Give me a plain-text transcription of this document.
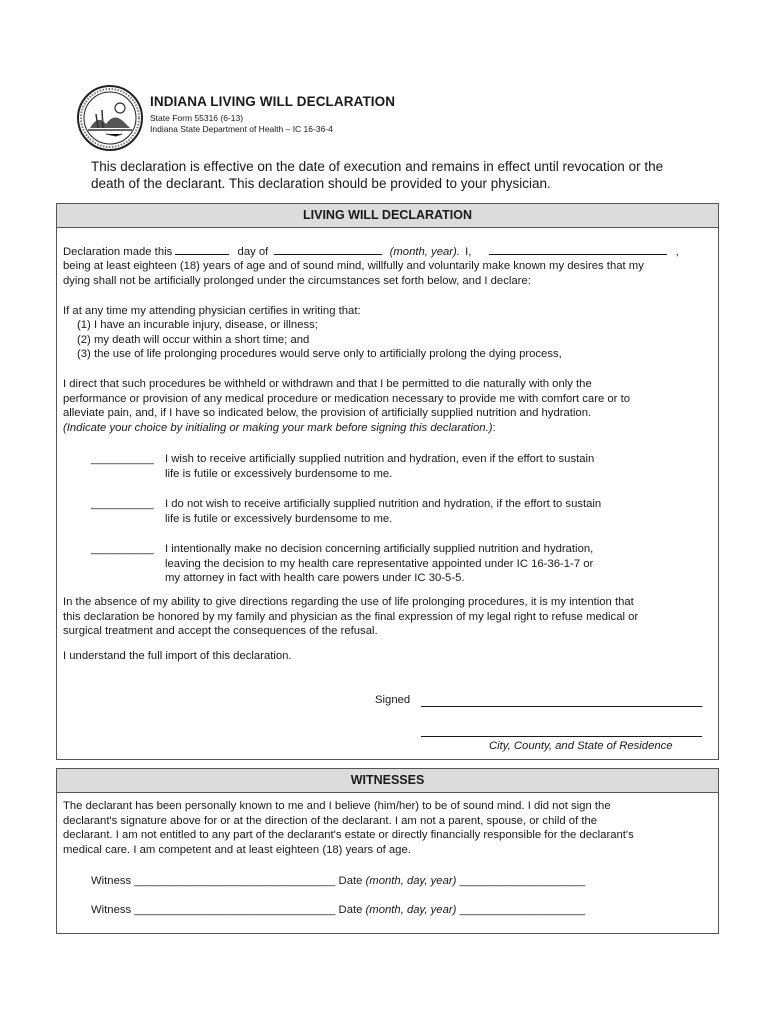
INDIANA LIVING WILL DECLARATION
State Form 55316 (6-13)
Indiana State Department of Health – IC 16-36-4
This declaration is effective on the date of execution and remains in effect until revocation or the
death of the declarant. This declaration should be provided to your physician.
LIVING WILL DECLARATION
Declaration made this	day of	(month, year). I,	,
being at least eighteen (18) years of age and of sound mind, willfully and voluntarily make known my desires that my
dying shall not be artificially prolonged under the circumstances set forth below, and I declare:
If at any time my attending physician certifies in writing that:
(1) I have an incurable injury, disease, or illness;
(2) my death will occur within a short time; and
(3) the use of life prolonging procedures would serve only to artificially prolong the dying process,
I direct that such procedures be withheld or withdrawn and that I be permitted to die naturally with only the
performance or provision of any medical procedure or medication necessary to provide me with comfort care or to
alleviate pain, and, if I have so indicated below, the provision of artificially supplied nutrition and hydration.
(Indicate your choice by initialing or making your mark before signing this declaration.):
__________ I wish to receive artificially supplied nutrition and hydration, even if the effort to sustain
life is futile or excessively burdensome to me.
__________ I do not wish to receive artificially supplied nutrition and hydration, if the effort to sustain
life is futile or excessively burdensome to me.
__________ I intentionally make no decision concerning artificially supplied nutrition and hydration,
leaving the decision to my health care representative appointed under IC 16-36-1-7 or
my attorney in fact with health care powers under IC 30-5-5.
In the absence of my ability to give directions regarding the use of life prolonging procedures, it is my intention that
this declaration be honored by my family and physician as the final expression of my legal right to refuse medical or
surgical treatment and accept the consequences of the refusal.
I understand the full import of this declaration.
Signed
City, County, and State of Residence
WITNESSES
The declarant has been personally known to me and I believe (him/her) to be of sound mind. I did not sign the
declarant's signature above for or at the direction of the declarant. I am not a parent, spouse, or child of the
declarant. I am not entitled to any part of the declarant's estate or directly financially responsible for the declarant's
medical care. I am competent and at least eighteen (18) years of age.
Witness ________________________________ Date (month, day, year) ____________________
Witness ________________________________ Date (month, day, year) ____________________
